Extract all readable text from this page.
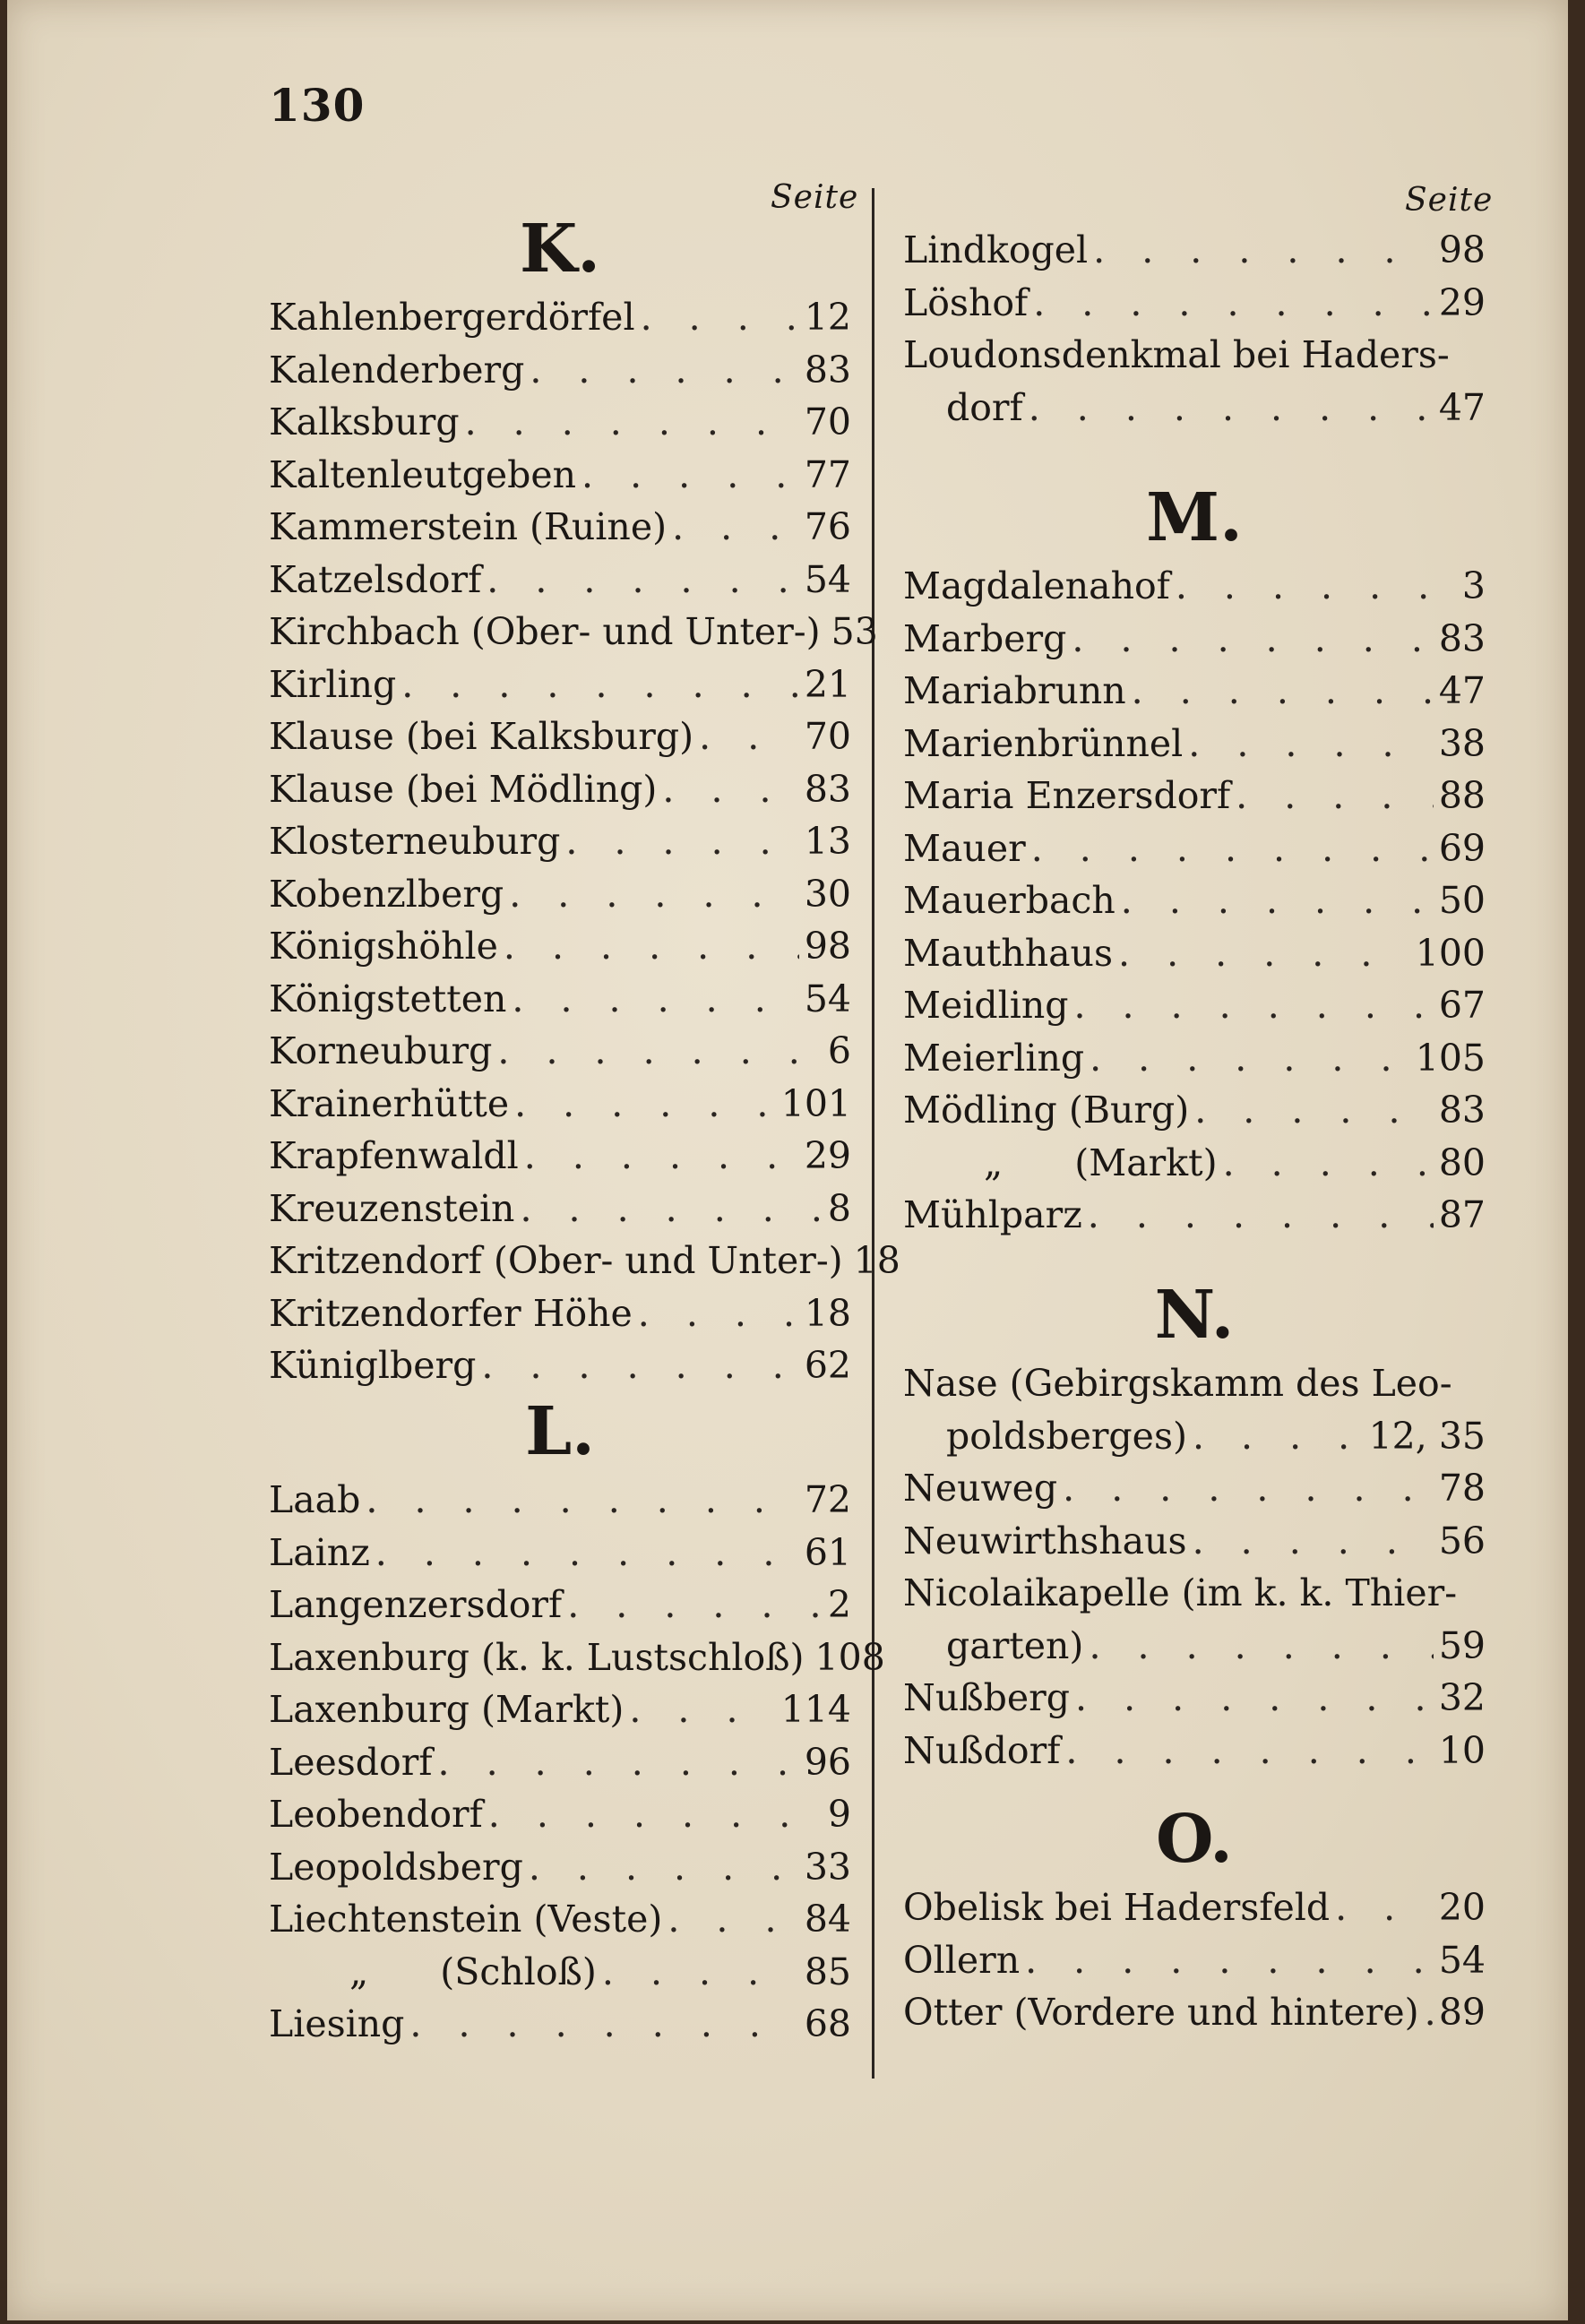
130
Seite	Seite
K.
Kahlenbergerdörfel . . .	12
Kalenderberg . . .	83
Kalksburg . . .	70
Kaltenleutgeben . . .	77
Kammerstein (Ruine) . . .	76
Katzelsdorf . . .	54
Kirchbach (Ober- und Unter-) 53
Kirling . . .	21
Klause (bei Kalksburg) . . .	70
Klause (bei Mödling) . . .	83
Klosterneuburg . . .	13
Kobenzlberg . . .	30
Königshöhle . . .	98
Königstetten . . .	54
Korneuburg . . .	6
Krainerhütte . . .	101
Krapfenwaldl . . .	29
Kreuzenstein . . .	8
Kritzendorf (Ober- und Unter-) 18
Kritzendorfer Höhe . . .	18
Küniglberg . . .	62
L.
Laab . . .	72
Lainz . . .	61
Langenzersdorf . . .	2
Laxenburg (k. k. Lustschloß) 108
Laxenburg (Markt) . . .	114
Leesdorf . . .	96
Leobendorf . . .	9
Leopoldsberg . . .	33
Liechtenstein (Veste) . . .	84
„ (Schloß) . . .	85
Liesing . . .	68
Lindkogel . . .	98
Löshof . . .	29
Loudonsdenkmal bei Haders-
dorf . . .	47
M.
Magdalenahof . . .	3
Marberg . . .	83
Mariabrunn . . .	47
Marienbrünnel . . .	38
Maria Enzersdorf . . .	88
Mauer . . .	69
Mauerbach . . .	50
Mauthhaus . . .	100
Meidling . . .	67
Meierling . . .	105
Mödling (Burg) . . .	83
„ (Markt) . . .	80
Mühlparz . . .	87
N.
Nase (Gebirgskamm des Leo-
poldsberges) . . .	12, 35
Neuweg . . .	78
Neuwirthshaus . . .	56
Nicolaikapelle (im k. k. Thier-
garten) . . .	59
Nußberg . . .	32
Nußdorf . . .	10
O.
Obelisk bei Hadersfeld . . .	20
Ollern . . .	54
Otter (Vordere und hintere) . . . 89
